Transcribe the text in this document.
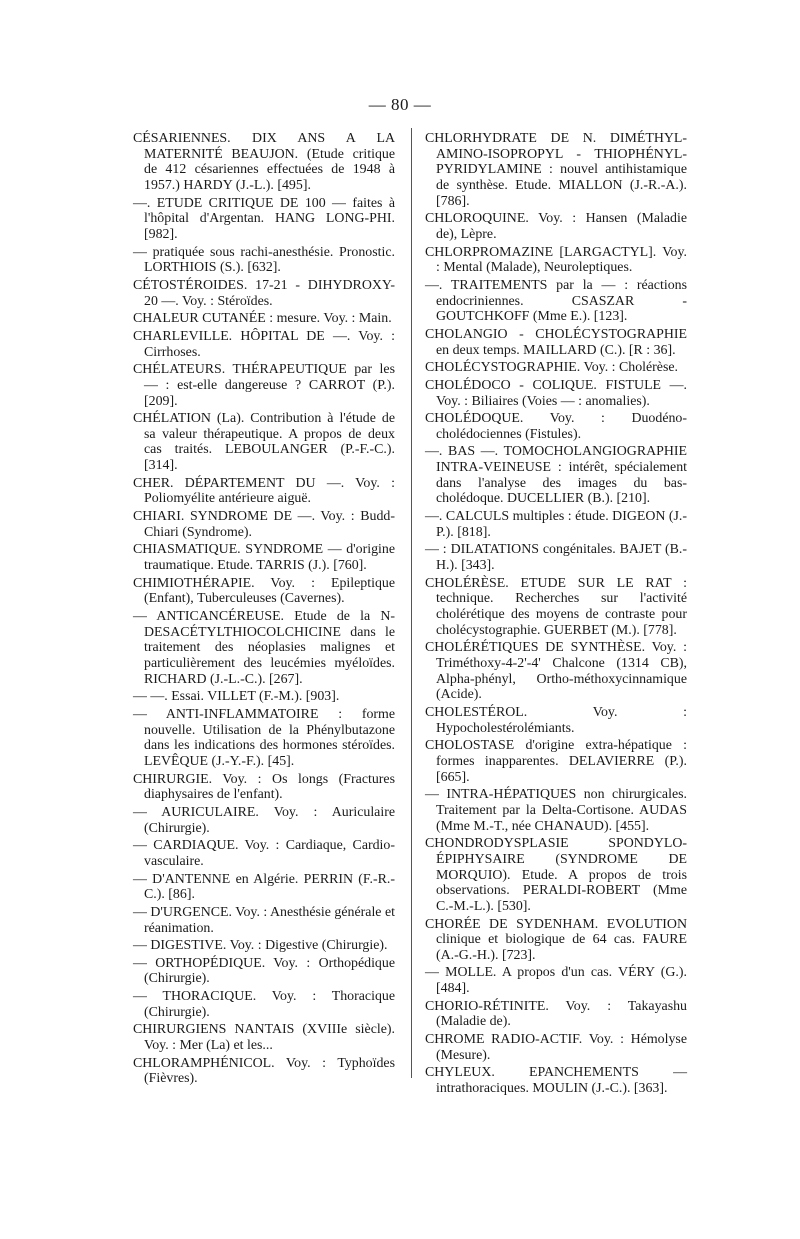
— 80 —

CÉSARIENNES. DIX ANS A LA MATERNITÉ BEAUJON. (Etude critique de 412 césariennes effectuées de 1948 à 1957.) HARDY (J.-L.). [495].

—. ETUDE CRITIQUE DE 100 — faites à l'hôpital d'Argentan. HANG LONG-PHI. [982].

— pratiquée sous rachi-anesthésie. Pronostic. LORTHIOIS (S.). [632].

CÉTOSTÉROIDES. 17-21 - DIHYDROXY-20 —. Voy. : Stéroïdes.

CHALEUR CUTANÉE : mesure. Voy. : Main.

CHARLEVILLE. HÔPITAL DE —. Voy. : Cirrhoses.

CHÉLATEURS. THÉRAPEUTIQUE par les — : est-elle dangereuse ? CARROT (P.). [209].

CHÉLATION (La). Contribution à l'étude de sa valeur thérapeutique. A propos de deux cas traités. LEBOULANGER (P.-F.-C.). [314].

CHER. DÉPARTEMENT DU —. Voy. : Poliomyélite antérieure aiguë.

CHIARI. SYNDROME DE —. Voy. : Budd-Chiari (Syndrome).

CHIASMATIQUE. SYNDROME — d'origine traumatique. Etude. TARRIS (J.). [760].

CHIMIOTHÉRAPIE. Voy. : Epileptique (Enfant), Tuberculeuses (Cavernes).

— ANTICANCÉREUSE. Etude de la N-DESACÉTYLTHIOCOLCHICINE dans le traitement des néoplasies malignes et particulièrement des leucémies myéloïdes. RICHARD (J.-L.-C.). [267].

— —. Essai. VILLET (F.-M.). [903].

— ANTI-INFLAMMATOIRE : forme nouvelle. Utilisation de la Phénylbutazone dans les indications des hormones stéroïdes. LEVÊQUE (J.-Y.-F.). [45].

CHIRURGIE. Voy. : Os longs (Fractures diaphysaires de l'enfant).

— AURICULAIRE. Voy. : Auriculaire (Chirurgie).

— CARDIAQUE. Voy. : Cardiaque, Cardio-vasculaire.

— D'ANTENNE en Algérie. PERRIN (F.-R.-C.). [86].

— D'URGENCE. Voy. : Anesthésie générale et réanimation.

— DIGESTIVE. Voy. : Digestive (Chirurgie).

— ORTHOPÉDIQUE. Voy. : Orthopédique (Chirurgie).

— THORACIQUE. Voy. : Thoracique (Chirurgie).

CHIRURGIENS NANTAIS (XVIIIe siècle). Voy. : Mer (La) et les...

CHLORAMPHÉNICOL. Voy. : Typhoïdes (Fièvres).

CHLORHYDRATE DE N. DIMÉTHYL-AMINO-ISOPROPYL - THIOPHÉNYL-PYRIDYLAMINE : nouvel antihistamique de synthèse. Etude. MIALLON (J.-R.-A.). [786].

CHLOROQUINE. Voy. : Hansen (Maladie de), Lèpre.

CHLORPROMAZINE [LARGACTYL]. Voy. : Mental (Malade), Neuroleptiques.

—. TRAITEMENTS par la — : réactions endocriniennes. CSASZAR - GOUTCHKOFF (Mme E.). [123].

CHOLANGIO - CHOLÉCYSTOGRAPHIE en deux temps. MAILLARD (C.). [R : 36].

CHOLÉCYSTOGRAPHIE. Voy. : Cholérèse.

CHOLÉDOCO - COLIQUE. FISTULE —. Voy. : Biliaires (Voies — : anomalies).

CHOLÉDOQUE. Voy. : Duodéno-cholédociennes (Fistules).

—. BAS —. TOMOCHOLANGIOGRAPHIE INTRA-VEINEUSE : intérêt, spécialement dans l'analyse des images du bas-cholédoque. DUCELLIER (B.). [210].

—. CALCULS multiples : étude. DIGEON (J.-P.). [818].

— : DILATATIONS congénitales. BAJET (B.-H.). [343].

CHOLÉRÈSE. ETUDE SUR LE RAT : technique. Recherches sur l'activité cholérétique des moyens de contraste pour cholécystographie. GUERBET (M.). [778].

CHOLÉRÉTIQUES DE SYNTHÈSE. Voy. : Triméthoxy-4-2'-4' Chalcone (1314 CB), Alpha-phényl, Ortho-méthoxycinnamique (Acide).

CHOLESTÉROL. Voy. : Hypocholestérolémiants.

CHOLOSTASE d'origine extra-hépatique : formes inapparentes. DELAVIERRE (P.). [665].

— INTRA-HÉPATIQUES non chirurgicales. Traitement par la Delta-Cortisone. AUDAS (Mme M.-T., née CHANAUD). [455].

CHONDRODYSPLASIE SPONDYLO-ÉPIPHYSAIRE (SYNDROME DE MORQUIO). Etude. A propos de trois observations. PERALDI-ROBERT (Mme C.-M.-L.). [530].

CHORÉE DE SYDENHAM. EVOLUTION clinique et biologique de 64 cas. FAURE (A.-G.-H.). [723].

— MOLLE. A propos d'un cas. VÉRY (G.). [484].

CHORIO-RÉTINITE. Voy. : Takayashu (Maladie de).

CHROME RADIO-ACTIF. Voy. : Hémolyse (Mesure).

CHYLEUX. EPANCHEMENTS — intrathoraciques. MOULIN (J.-C.). [363].
